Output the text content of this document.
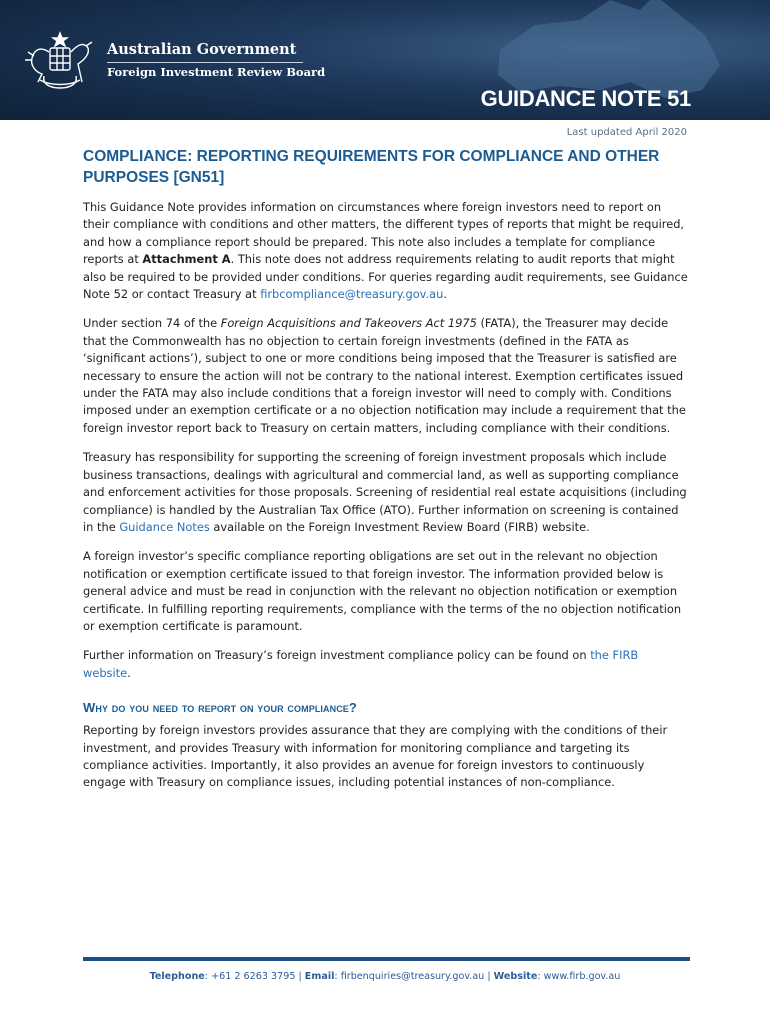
Australian Government
Foreign Investment Review Board
GUIDANCE NOTE 51
Last updated April 2020
COMPLIANCE: REPORTING REQUIREMENTS FOR COMPLIANCE AND OTHER PURPOSES [GN51]

This Guidance Note provides information on circumstances where foreign investors need to report on their compliance with conditions and other matters, the different types of reports that might be required, and how a compliance report should be prepared. This note also includes a template for compliance reports at Attachment A. This note does not address requirements relating to audit reports that might also be required to be provided under conditions. For queries regarding audit requirements, see Guidance Note 52 or contact Treasury at firbcompliance@treasury.gov.au.

Under section 74 of the Foreign Acquisitions and Takeovers Act 1975 (FATA), the Treasurer may decide that the Commonwealth has no objection to certain foreign investments (defined in the FATA as ‘significant actions’), subject to one or more conditions being imposed that the Treasurer is satisfied are necessary to ensure the action will not be contrary to the national interest. Exemption certificates issued under the FATA may also include conditions that a foreign investor will need to comply with. Conditions imposed under an exemption certificate or a no objection notification may include a requirement that the foreign investor report back to Treasury on certain matters, including compliance with their conditions.

Treasury has responsibility for supporting the screening of foreign investment proposals which include business transactions, dealings with agricultural and commercial land, as well as supporting compliance and enforcement activities for those proposals. Screening of residential real estate acquisitions (including compliance) is handled by the Australian Tax Office (ATO). Further information on screening is contained in the Guidance Notes available on the Foreign Investment Review Board (FIRB) website.

A foreign investor’s specific compliance reporting obligations are set out in the relevant no objection notification or exemption certificate issued to that foreign investor. The information provided below is general advice and must be read in conjunction with the relevant no objection notification or exemption certificate. In fulfilling reporting requirements, compliance with the terms of the no objection notification or exemption certificate is paramount.

Further information on Treasury’s foreign investment compliance policy can be found on the FIRB website.

Why do you need to report on your compliance?

Reporting by foreign investors provides assurance that they are complying with the conditions of their investment, and provides Treasury with information for monitoring compliance and targeting its compliance activities. Importantly, it also provides an avenue for foreign investors to continuously engage with Treasury on compliance issues, including potential instances of non-compliance.

Telephone: +61 2 6263 3795 | Email: firbenquiries@treasury.gov.au | Website: www.firb.gov.au
